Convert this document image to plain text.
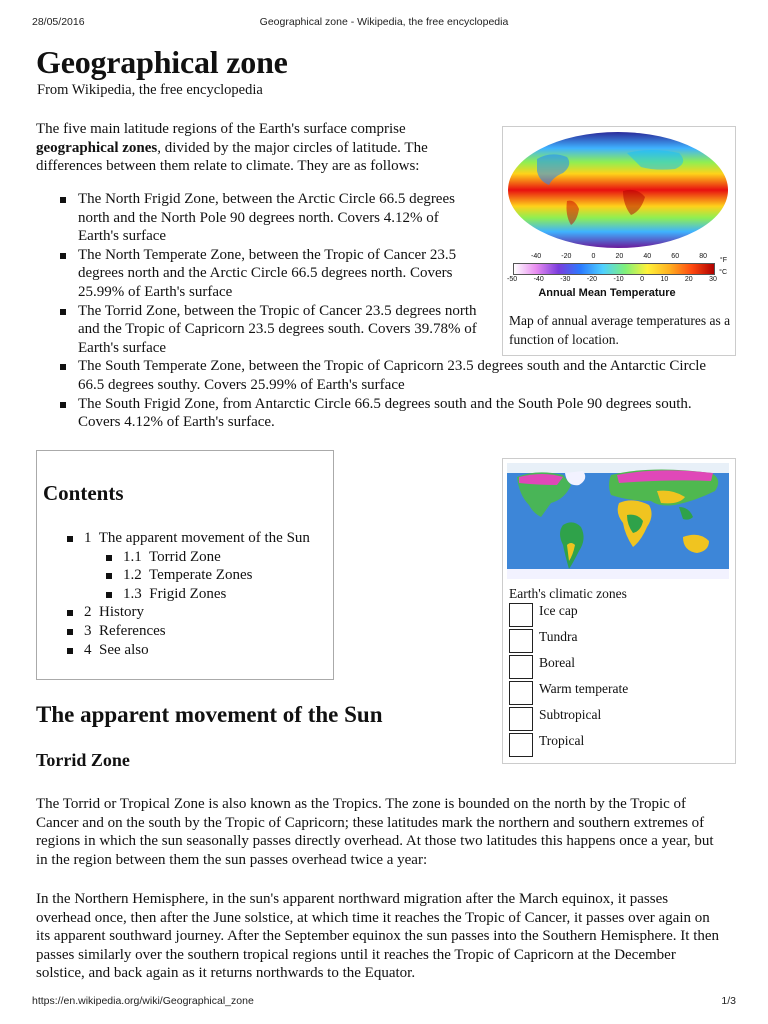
28/05/2016	Geographical zone - Wikipedia, the free encyclopedia
Geographical zone
From Wikipedia, the free encyclopedia
The five main latitude regions of the Earth's surface comprise geographical zones, divided by the major circles of latitude. The differences between them relate to climate. They are as follows:
The North Frigid Zone, between the Arctic Circle 66.5 degrees north and the North Pole 90 degrees north. Covers 4.12% of Earth's surface
The North Temperate Zone, between the Tropic of Cancer 23.5 degrees north and the Arctic Circle 66.5 degrees north. Covers 25.99% of Earth's surface
The Torrid Zone, between the Tropic of Cancer 23.5 degrees north and the Tropic of Capricorn 23.5 degrees south. Covers 39.78% of Earth's surface
The South Temperate Zone, between the Tropic of Capricorn 23.5 degrees south and the Antarctic Circle 66.5 degrees southy. Covers 25.99% of Earth's surface
The South Frigid Zone, from Antarctic Circle 66.5 degrees south and the South Pole 90 degrees south. Covers 4.12% of Earth's surface.
-40	-20	0	20	40	60	80
°F
-50 -40 -30 -20 -10 0 10 20 30
°C
Annual Mean Temperature
Map of annual average temperatures as a function of location.
Contents
1 The apparent movement of the Sun
1.1 Torrid Zone
1.2 Temperate Zones
1.3 Frigid Zones
2 History
3 References
4 See also
Earth's climatic zones
Ice cap
Tundra
Boreal
Warm temperate
Subtropical
Tropical
The apparent movement of the Sun
Torrid Zone
The Torrid or Tropical Zone is also known as the Tropics. The zone is bounded on the north by the Tropic of Cancer and on the south by the Tropic of Capricorn; these latitudes mark the northern and southern extremes of regions in which the sun seasonally passes directly overhead. At those two latitudes this happens once a year, but in the region between them the sun passes overhead twice a year:
In the Northern Hemisphere, in the sun's apparent northward migration after the March equinox, it passes overhead once, then after the June solstice, at which time it reaches the Tropic of Cancer, it passes over again on its apparent southward journey. After the September equinox the sun passes into the Southern Hemisphere. It then passes similarly over the southern tropical regions until it reaches the Tropic of Capricorn at the December solstice, and back again as it returns northwards to the Equator.
https://en.wikipedia.org/wiki/Geographical_zone	1/3
